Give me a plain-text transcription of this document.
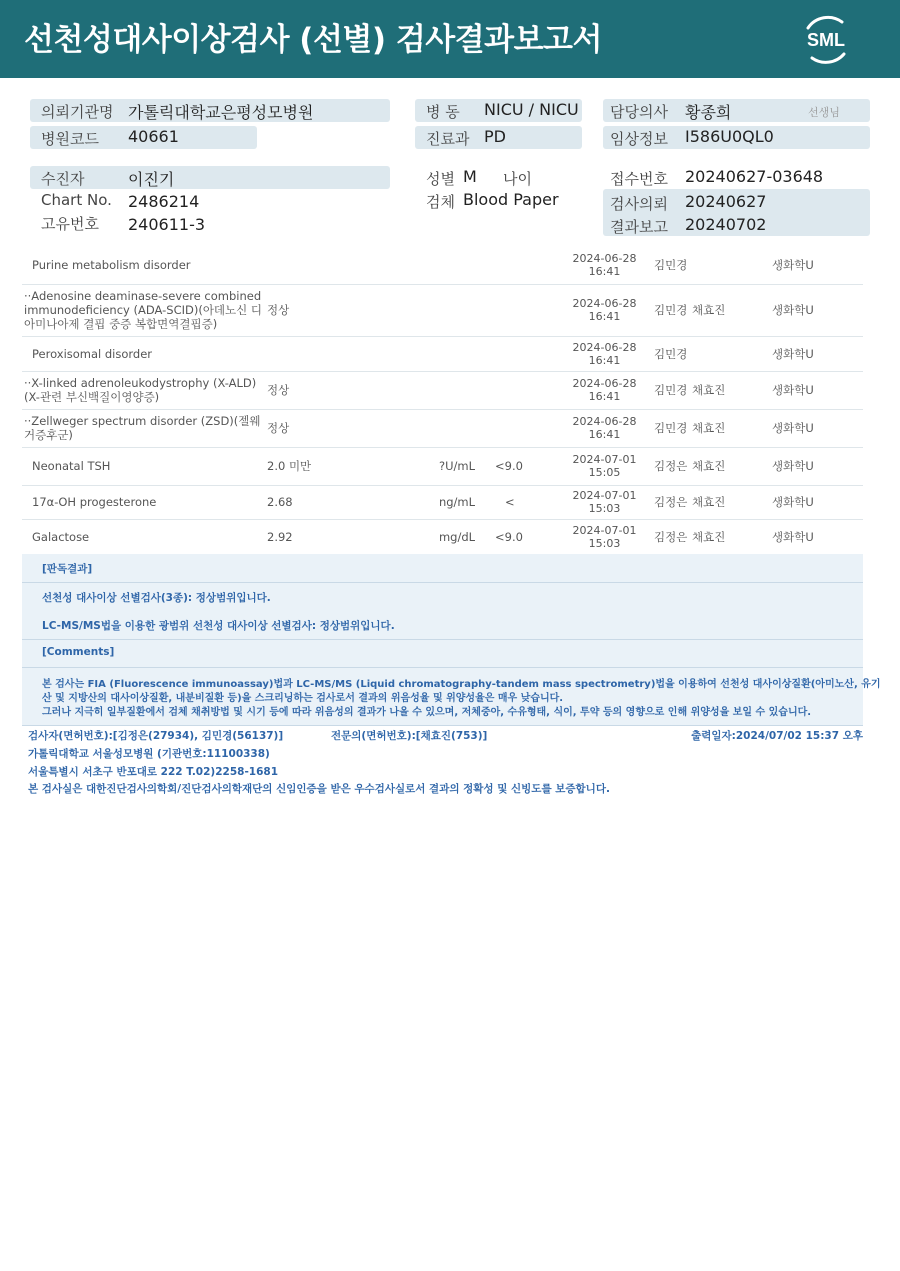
선천성대사이상검사 (선별) 검사결과보고서	SML
의뢰기관명 가톨릭대학교은평성모병원
병원코드 40661
병 동 NICU / NICU
진료과 PD
담당의사 황종희	선생님
임상정보 I586U0QL0
수진자	이진기
Chart No. 2486214
고유번호 240611-3
성별 M 나이
검체 Blood Paper
접수번호 20240627-03648
검사의뢰 20240627
결과보고 20240702
Purine metabolism disorder				2024-06-28
16:41	김민경		생화학U
··Adenosine deaminase-severe combined immunodeficiency (ADA-SCID)(아데노신 디아미나아제 결핍 중증 복합면역결핍증)	정상			2024-06-28
16:41	김민경	채효진	생화학U
Peroxisomal disorder				2024-06-28
16:41	김민경		생화학U
··X-linked adrenoleukodystrophy (X-ALD)(X-관련 부신백질이영양증)	정상			2024-06-28
16:41	김민경	채효진	생화학U
··Zellweger spectrum disorder (ZSD)(젤웨거증후군)	정상			2024-06-28
16:41	김민경	채효진	생화학U
Neonatal TSH	2.0 미만	?U/mL	<9.0	2024-07-01
15:05	김정은	채효진	생화학U
17α-OH progesterone	2.68	ng/mL	<	2024-07-01
15:03	김정은	채효진	생화학U
Galactose	2.92	mg/dL	<9.0	2024-07-01
15:03	김정은	채효진	생화학U
[판독결과]
선천성 대사이상 선별검사(3종): 정상범위입니다.
LC-MS/MS법을 이용한 광범위 선천성 대사이상 선별검사: 정상범위입니다.
[Comments]
본 검사는 FIA (Fluorescence immunoassay)법과 LC-MS/MS (Liquid chromatography-tandem mass spectrometry)법을 이용하여 선천성 대사이상질환(아미노산, 유기
산 및 지방산의 대사이상질환, 내분비질환 등)을 스크리닝하는 검사로서 결과의 위음성율 및 위양성율은 매우 낮습니다.
그러나 지극히 일부질환에서 검체 채취방법 및 시기 등에 따라 위음성의 결과가 나올 수 있으며, 저체중아, 수유형태, 식이, 투약 등의 영향으로 인해 위양성을 보일 수 있습니다.
검사자(면허번호):[김정은(27934), 김민경(56137)]	전문의(면허번호):[채효진(753)]	출력일자:2024/07/02 15:37 오후
가톨릭대학교 서울성모병원 (기관번호:11100338)
서울특별시 서초구 반포대로 222 T.02)2258-1681
본 검사실은 대한진단검사의학회/진단검사의학재단의 신임인증을 받은 우수검사실로서 결과의 정확성 및 신빙도를 보증합니다.
